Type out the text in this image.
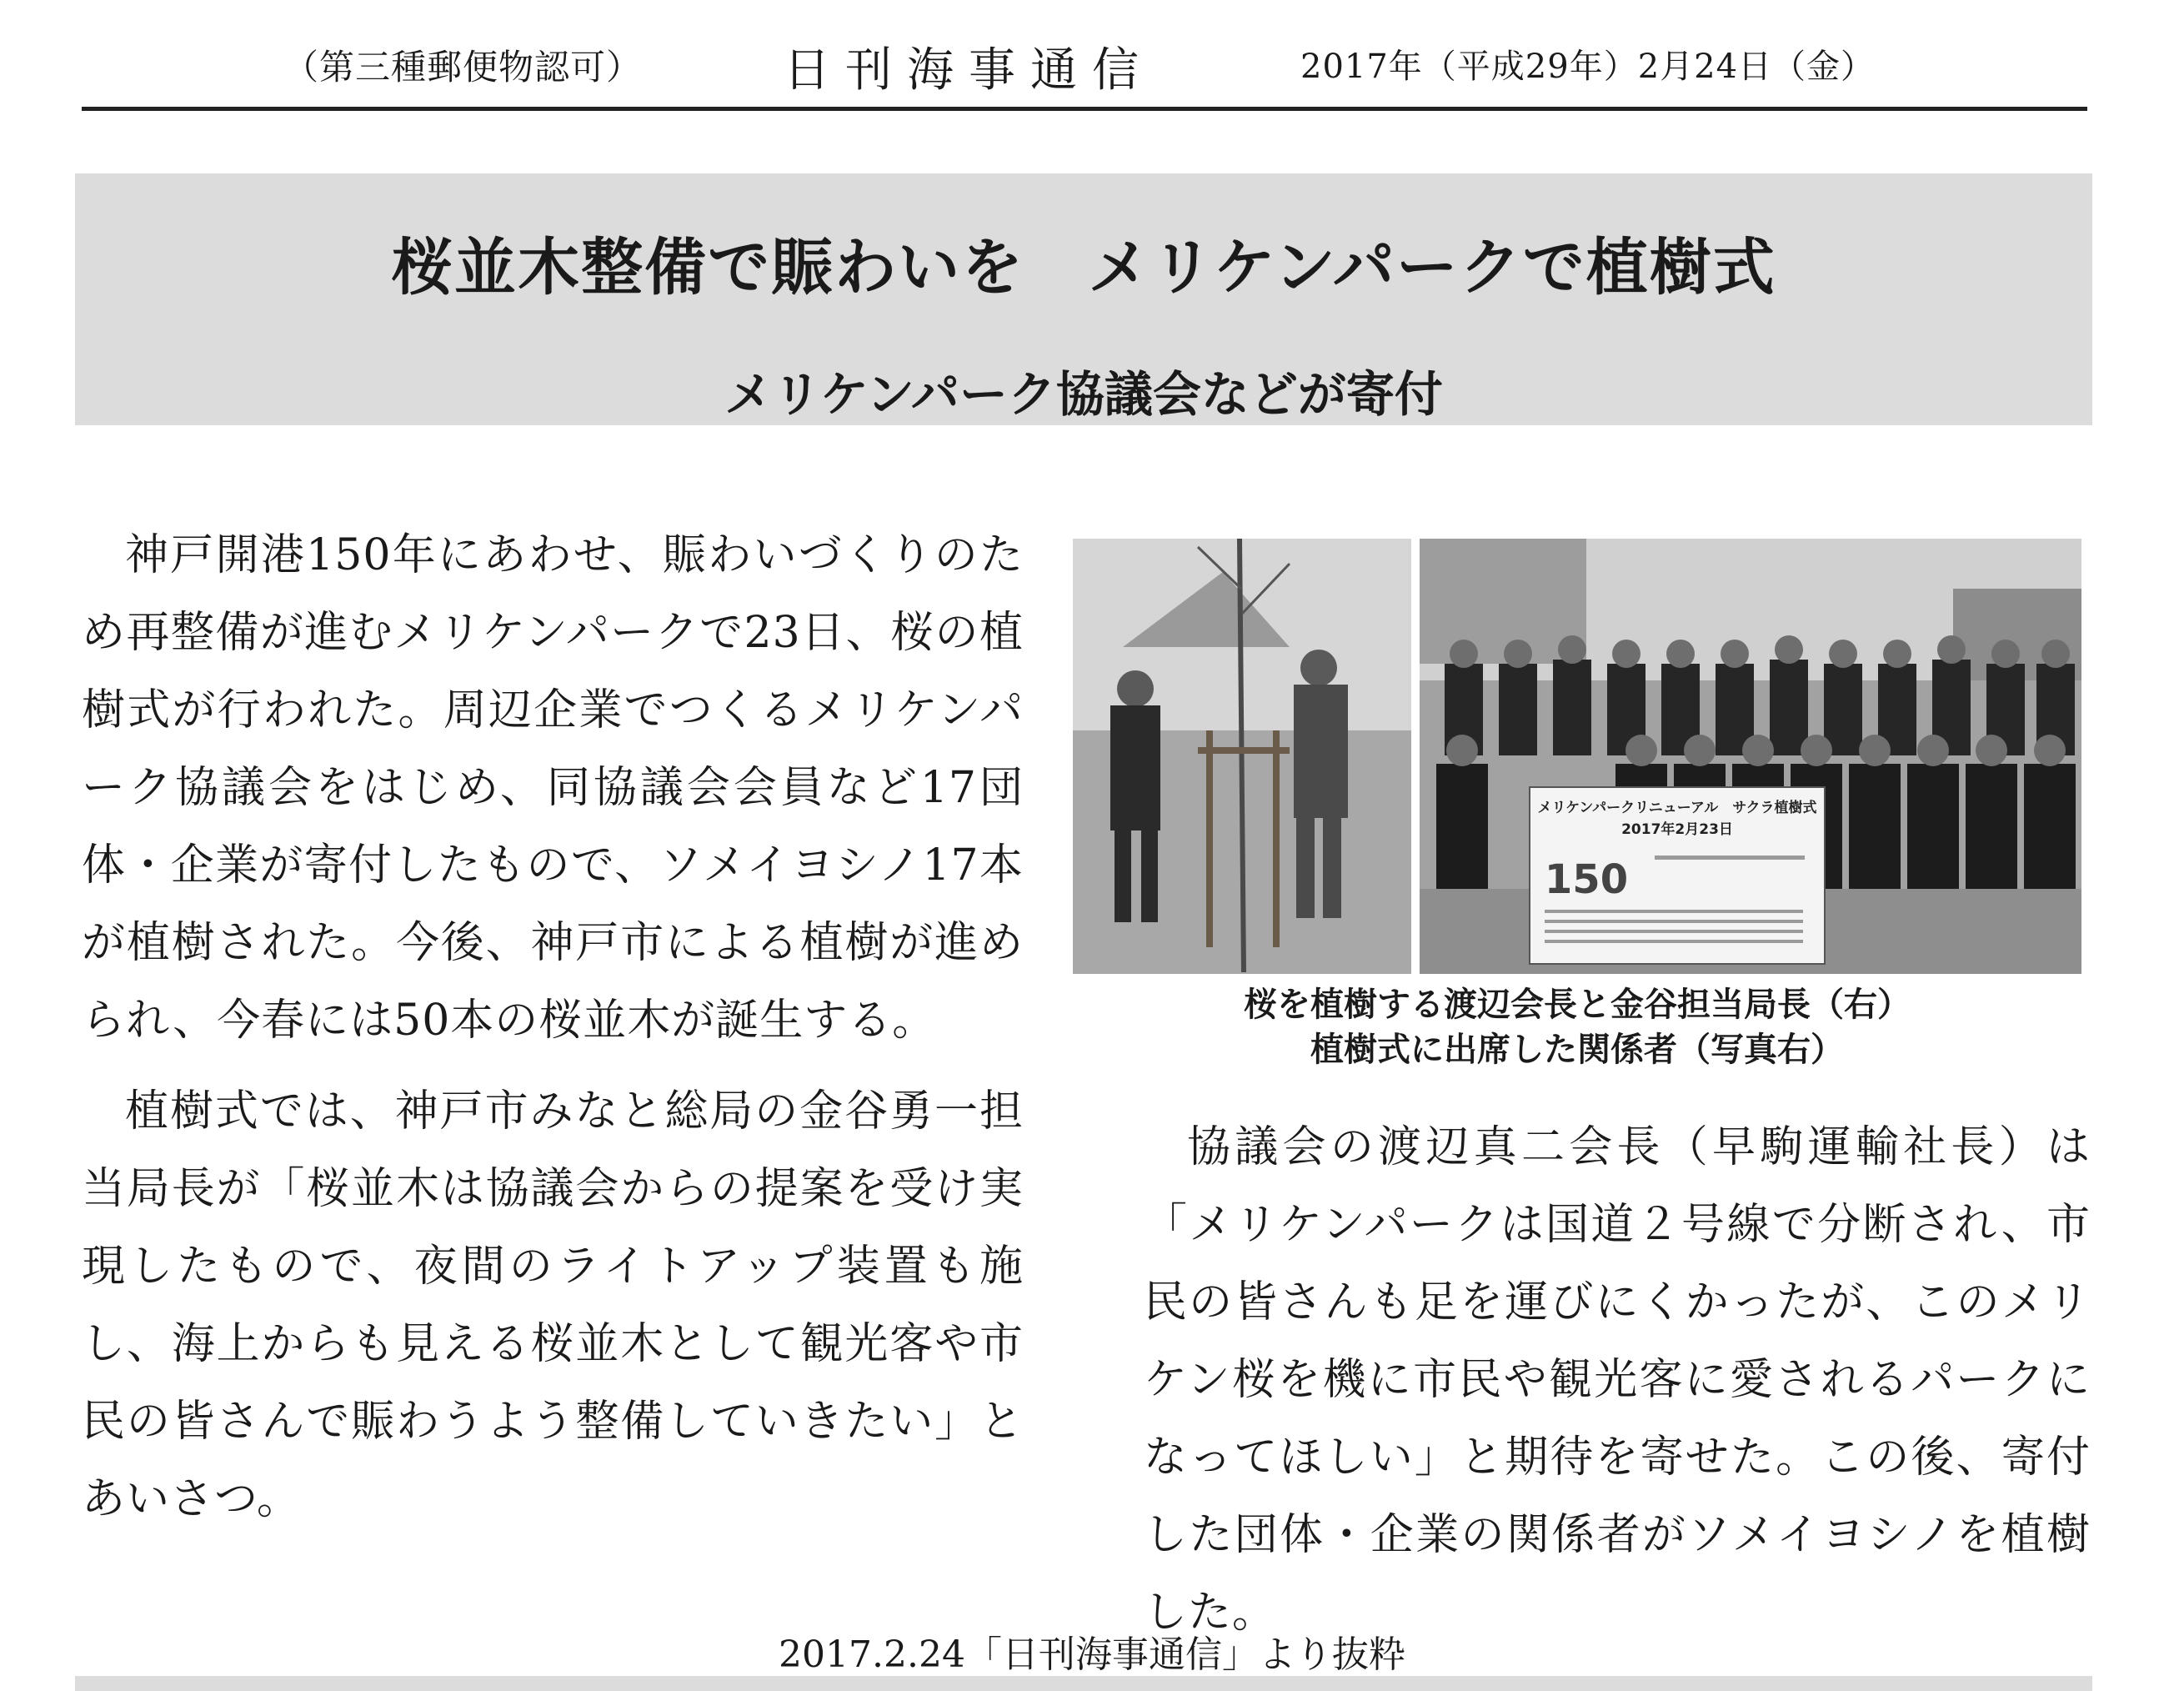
（第三種郵便物認可）	日刊海事通信	2017年（平成29年）2月24日（金）
桜並木整備で賑わいを　メリケンパークで植樹式
メリケンパーク協議会などが寄付

神戸開港150年にあわせ、賑わいづくりのため再整備が進むメリケンパークで23日、桜の植樹式が行われた。周辺企業でつくるメリケンパーク協議会をはじめ、同協議会会員など17団体・企業が寄付したもので、ソメイヨシノ17本が植樹された。今後、神戸市による植樹が進められ、今春には50本の桜並木が誕生する。

植樹式では、神戸市みなと総局の金谷勇一担当局長が「桜並木は協議会からの提案を受け実現したもので、夜間のライトアップ装置も施し、海上からも見える桜並木として観光客や市民の皆さんで賑わうよう整備していきたい」とあいさつ。

メリケンパークリニューアル　サクラ植樹式
2017年2月23日
150
桜を植樹する渡辺会長と金谷担当局長（右）
植樹式に出席した関係者（写真右）

協議会の渡辺真二会長（早駒運輸社長）は「メリケンパークは国道２号線で分断され、市民の皆さんも足を運びにくかったが、このメリケン桜を機に市民や観光客に愛されるパークになってほしい」と期待を寄せた。この後、寄付した団体・企業の関係者がソメイヨシノを植樹した。

2017.2.24「日刊海事通信」より抜粋
